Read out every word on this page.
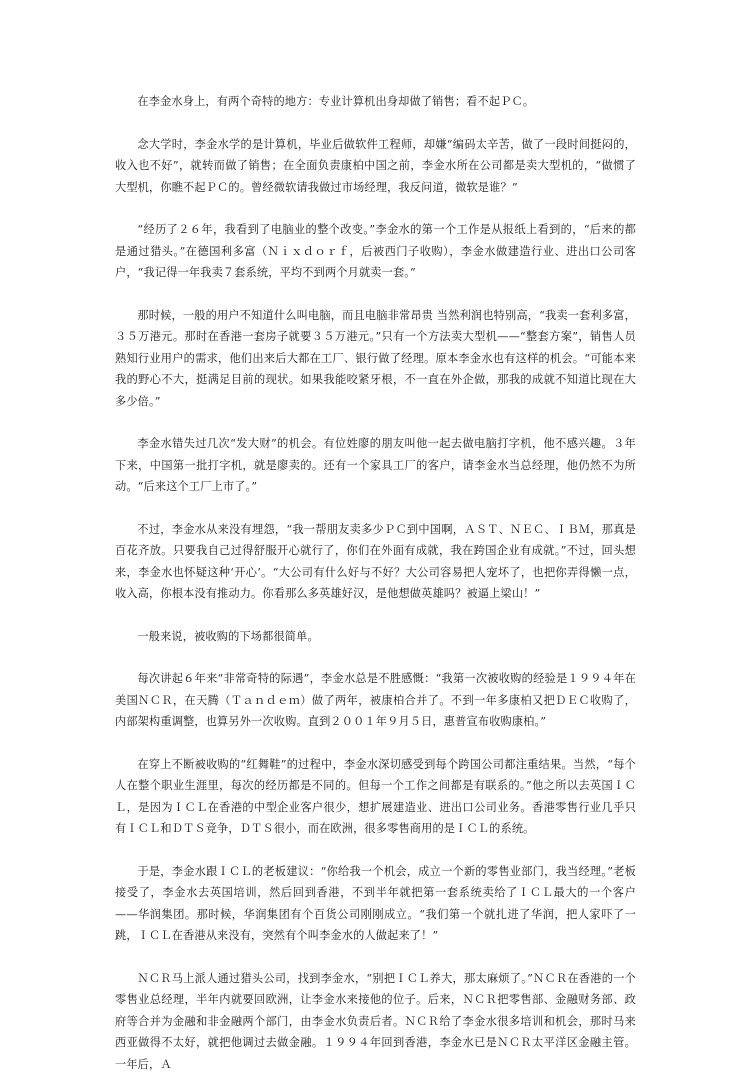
在李金水身上，有两个奇特的地方：专业计算机出身却做了销售；看不起ＰＣ。

念大学时，李金水学的是计算机，毕业后做软件工程师，却嫌“编码太辛苦，做了一段时间挺闷的，收入也不好”，就转而做了销售；在全面负责康柏中国之前，李金水所在公司都是卖大型机的，“做惯了大型机，你瞧不起ＰＣ的。曾经微软请我做过市场经理，我反问道，微软是谁？”

“经历了２６年，我看到了电脑业的整个改变。”李金水的第一个工作是从报纸上看到的，“后来的都是通过猎头。”在德国利多富（Ｎｉｘｄｏｒｆ，后被西门子收购），李金水做建造行业、进出口公司客户，“我记得一年我卖７套系统，平均不到两个月就卖一套。”

那时候，一般的用户不知道什么叫电脑，而且电脑非常昂贵 当然利润也特别高，“我卖一套利多富，３５万港元。那时在香港一套房子就要３５万港元。”只有一个方法卖大型机——“整套方案”，销售人员熟知行业用户的需求，他们出来后大都在工厂、银行做了经理。原本李金水也有这样的机会。“可能本来我的野心不大，挺满足目前的现状。如果我能咬紧牙根，不一直在外企做，那我的成就不知道比现在大多少倍。”

李金水错失过几次“发大财”的机会。有位姓廖的朋友叫他一起去做电脑打字机，他不感兴趣。３年下来，中国第一批打字机，就是廖卖的。还有一个家具工厂的客户，请李金水当总经理，他仍然不为所动。“后来这个工厂上市了。”

不过，李金水从来没有埋怨，“我一帮朋友卖多少ＰＣ到中国啊，ＡＳＴ、ＮＥＣ、ＩＢＭ，那真是百花齐放。只要我自己过得舒服开心就行了，你们在外面有成就，我在跨国企业有成就。”不过，回头想来，李金水也怀疑这种‘开心’。“大公司有什么好与不好？大公司容易把人宠坏了，也把你弄得懒一点，收入高，你根本没有推动力。你看那么多英雄好汉，是他想做英雄吗？被逼上梁山！”

一般来说，被收购的下场都很简单。

每次讲起６年来“非常奇特的际遇”，李金水总是不胜感慨：“我第一次被收购的经验是１９９４年在美国ＮＣＲ，在天腾（Ｔａｎｄｅｍ）做了两年，被康柏合并了。不到一年多康柏又把ＤＥＣ收购了，内部架构重调整，也算另外一次收购。直到２００１年９月５日，惠普宣布收购康柏。”

在穿上不断被收购的“红舞鞋”的过程中，李金水深切感受到每个跨国公司都注重结果。当然，“每个人在整个职业生涯里，每次的经历都是不同的。但每一个工作之间都是有联系的。”他之所以去英国ＩＣＬ，是因为ＩＣＬ在香港的中型企业客户很少，想扩展建造业、进出口公司业务。香港零售行业几乎只有ＩＣＬ和ＤＴＳ竞争，ＤＴＳ很小，而在欧洲，很多零售商用的是ＩＣＬ的系统。

于是，李金水跟ＩＣＬ的老板建议：“你给我一个机会，成立一个新的零售业部门，我当经理。”老板接受了，李金水去英国培训，然后回到香港，不到半年就把第一套系统卖给了ＩＣＬ最大的一个客户——华润集团。那时候，华润集团有个百货公司刚刚成立。“我们第一个就扎进了华润，把人家吓了一跳，ＩＣＬ在香港从来没有，突然有个叫李金水的人做起来了！”

ＮＣＲ马上派人通过猎头公司，找到李金水，“别把ＩＣＬ养大，那太麻烦了。”ＮＣＲ在香港的一个零售业总经理，半年内就要回欧洲，让李金水来接他的位子。后来，ＮＣＲ把零售部、金融财务部、政府等合并为金融和非金融两个部门，由李金水负责后者。ＮＣＲ给了李金水很多培训和机会，那时马来西亚做得不太好，就把他调过去做金融。１９９４年回到香港，李金水已是ＮＣＲ太平洋区金融主管。一年后，Ａ
